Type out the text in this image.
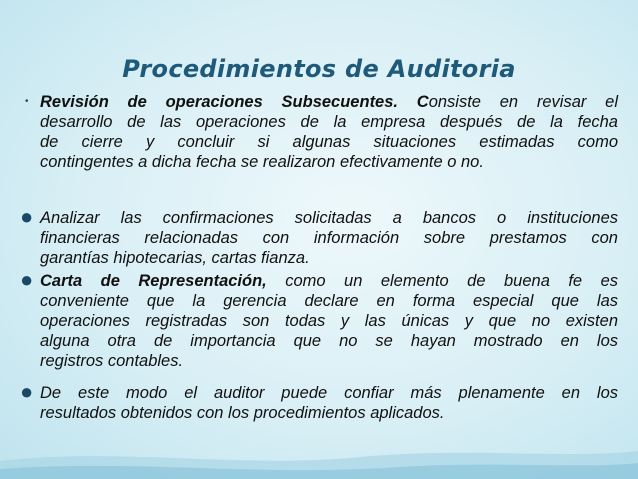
Procedimientos de Auditoria
• Revisión de operaciones Subsecuentes. Consiste en revisar el
desarrollo de las operaciones de la empresa después de la fecha
de cierre y concluir si algunas situaciones estimadas como
contingentes a dicha fecha se realizaron efectivamente o no.
● Analizar las confirmaciones solicitadas a bancos o instituciones
financieras relacionadas con información sobre prestamos con
garantías hipotecarias, cartas fianza.
● Carta de Representación, como un elemento de buena fe es
conveniente que la gerencia declare en forma especial que las
operaciones registradas son todas y las únicas y que no existen
alguna otra de importancia que no se hayan mostrado en los
registros contables.
● De este modo el auditor puede confiar más plenamente en los
resultados obtenidos con los procedimientos aplicados.
